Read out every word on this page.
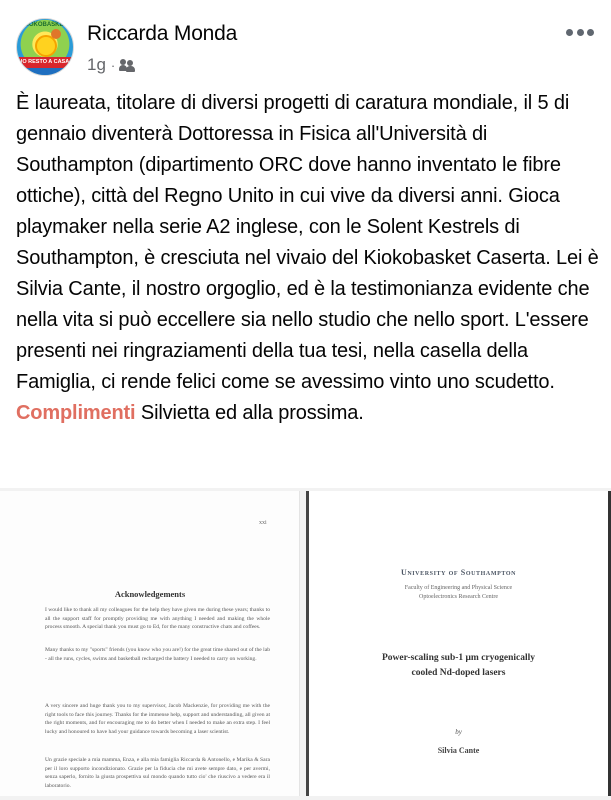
KIOKOBASKET
IO RESTO A CASA
Riccarda Monda
1g ·
È laureata, titolare di diversi progetti di caratura mondiale, il 5 di gennaio diventerà Dottoressa in Fisica all'Università di Southampton (dipartimento ORC dove hanno inventato le fibre ottiche), città del Regno Unito in cui vive da diversi anni. Gioca playmaker nella serie A2 inglese, con le Solent Kestrels di Southampton, è cresciuta nel vivaio del Kiokobasket Caserta. Lei è Silvia Cante, il nostro orgoglio, ed è la testimonianza evidente che nella vita si può eccellere sia nello studio che nello sport. L'essere presenti nei ringraziamenti della tua tesi, nella casella della Famiglia, ci rende felici come se avessimo vinto uno scudetto. Complimenti Silvietta ed alla prossima.
xxi
Acknowledgements
I would like to thank all my colleagues for the help they have given me during these years; thanks to all the support staff for promptly providing me with anything I needed and making the whole process smooth. A special thank you must go to Ed, for the many constructive chats and coffees.
Many thanks to my "sports" friends (you know who you are!) for the great time shared out of the lab - all the runs, cycles, swims and basketball recharged the battery I needed to carry on working.
A very sincere and huge thank you to my supervisor, Jacob Mackenzie, for providing me with the right tools to face this journey. Thanks for the immense help, support and understanding, all given at the right moments, and for encouraging me to do better when I needed to make an extra step. I feel lucky and honoured to have had your guidance towards becoming a laser scientist.
Un grazie speciale a mia mamma, Enza, e alla mia famiglia Riccarda & Antonello, e Marika & Sara per il loro supporto incondizionato. Grazie per la fiducia che mi avete sempre dato, e per avermi, senza saperlo, fornito la giusta prospettiva sul mondo quando tutto cio' che riuscivo a vedere era il laboratorio.
University of Southampton
Faculty of Engineering and Physical Science
Optoelectronics Research Centre
Power-scaling sub-1 μm cryogenically
cooled Nd-doped lasers
by
Silvia Cante
